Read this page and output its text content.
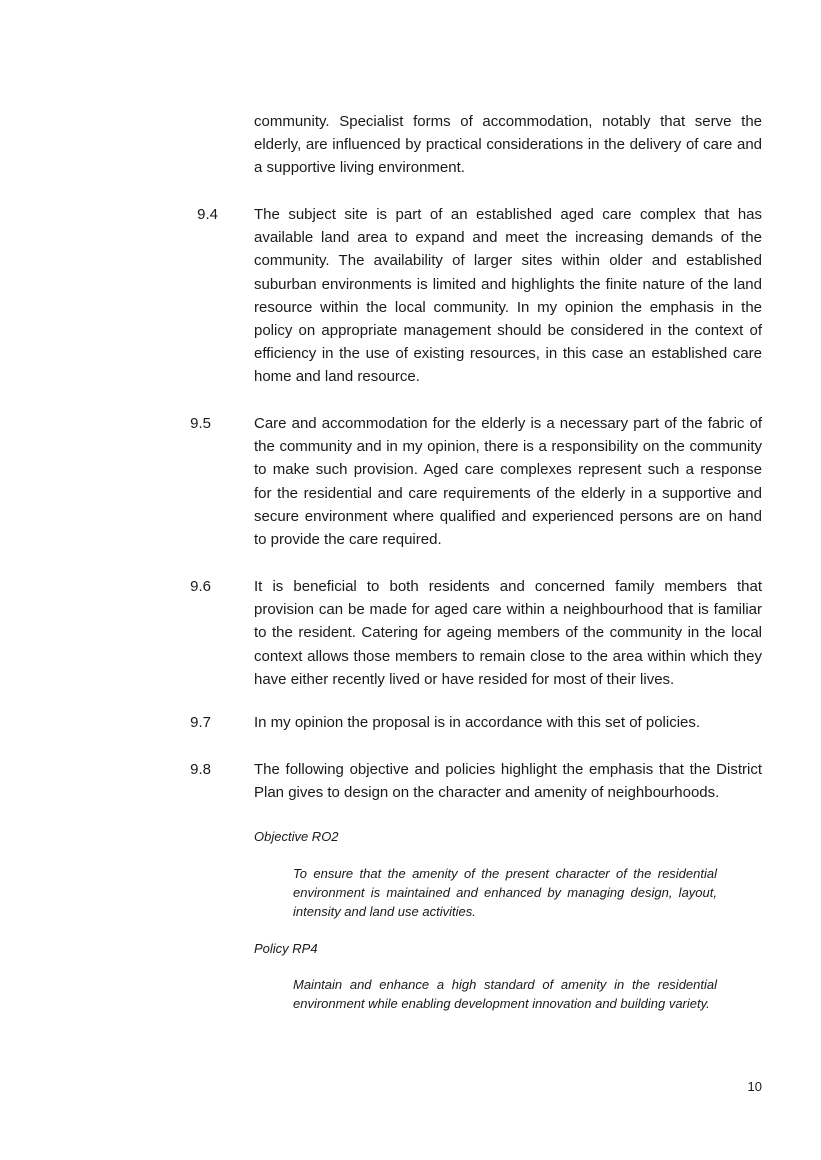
community. Specialist forms of accommodation, notably that serve the elderly, are influenced by practical considerations in the delivery of care and a supportive living environment.

9.4 The subject site is part of an established aged care complex that has available land area to expand and meet the increasing demands of the community. The availability of larger sites within older and established suburban environments is limited and highlights the finite nature of the land resource within the local community. In my opinion the emphasis in the policy on appropriate management should be considered in the context of efficiency in the use of existing resources, in this case an established care home and land resource.

9.5	Care and accommodation for the elderly is a necessary part of the fabric of the community and in my opinion, there is a responsibility on the community to make such provision. Aged care complexes represent such a response for the residential and care requirements of the elderly in a supportive and secure environment where qualified and experienced persons are on hand to provide the care required.

9.6	It is beneficial to both residents and concerned family members that provision can be made for aged care within a neighbourhood that is familiar to the resident. Catering for ageing members of the community in the local context allows those members to remain close to the area within which they have either recently lived or have resided for most of their lives.

9.7	In my opinion the proposal is in accordance with this set of policies.

9.8	The following objective and policies highlight the emphasis that the District Plan gives to design on the character and amenity of neighbourhoods.

Objective RO2

To ensure that the amenity of the present character of the residential environment is maintained and enhanced by managing design, layout, intensity and land use activities.

Policy RP4

Maintain and enhance a high standard of amenity in the residential environment while enabling development innovation and building variety.

10
